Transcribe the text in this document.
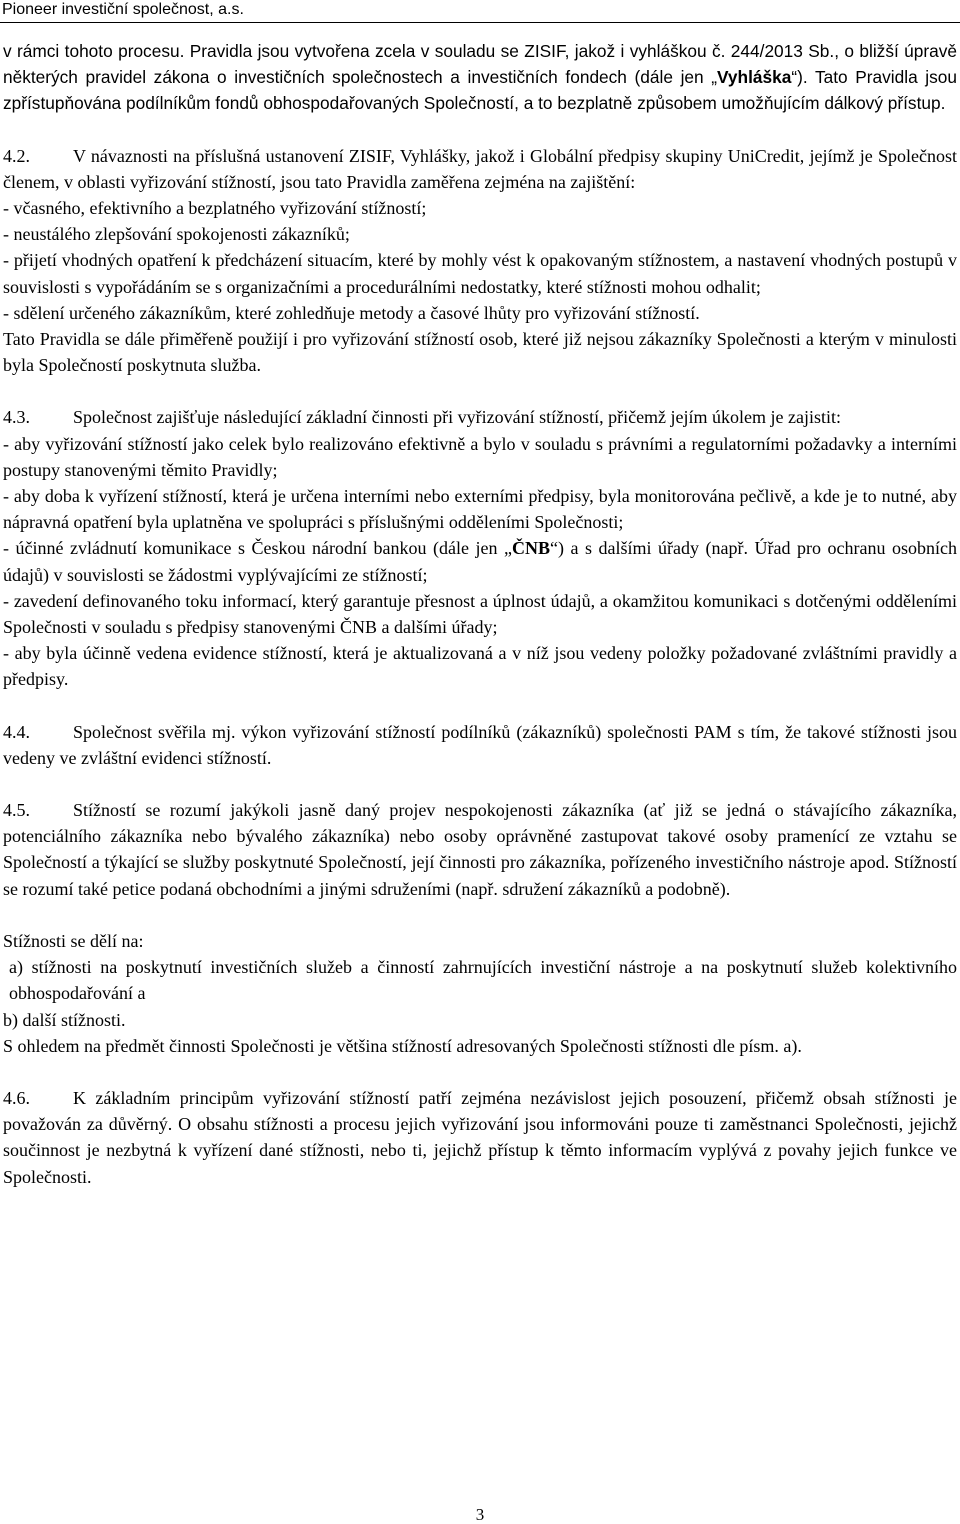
Pioneer investiční společnost, a.s.

v rámci tohoto procesu. Pravidla jsou vytvořena zcela v souladu se ZISIF, jakož i vyhláškou č. 244/2013 Sb., o bližší úpravě některých pravidel zákona o investičních společnostech a investičních fondech (dále jen „Vyhláška“). Tato Pravidla jsou zpřístupňována podílníkům fondů obhospodařovaných Společností, a to bezplatně způsobem umožňujícím dálkový přístup.

4.2. V návaznosti na příslušná ustanovení ZISIF, Vyhlášky, jakož i Globální předpisy skupiny UniCredit, jejímž je Společnost členem, v oblasti vyřizování stížností, jsou tato Pravidla zaměřena zejména na zajištění:

- včasného, efektivního a bezplatného vyřizování stížností;

- neustálého zlepšování spokojenosti zákazníků;

- přijetí vhodných opatření k předcházení situacím, které by mohly vést k opakovaným stížnostem, a nastavení vhodných postupů v souvislosti s vypořádáním se s organizačními a procedurálními nedostatky, které stížnosti mohou odhalit;

- sdělení určeného zákazníkům, které zohledňuje metody a časové lhůty pro vyřizování stížností.

Tato Pravidla se dále přiměřeně použijí i pro vyřizování stížností osob, které již nejsou zákazníky Společnosti a kterým v minulosti byla Společností poskytnuta služba.

4.3. Společnost zajišťuje následující základní činnosti při vyřizování stížností, přičemž jejím úkolem je zajistit:

- aby vyřizování stížností jako celek bylo realizováno efektivně a bylo v souladu s právními a regulatorními požadavky a interními postupy stanovenými těmito Pravidly;

- aby doba k vyřízení stížností, která je určena interními nebo externími předpisy, byla monitorována pečlivě, a kde je to nutné, aby nápravná opatření byla uplatněna ve spolupráci s příslušnými odděleními Společnosti;

- účinné zvládnutí komunikace s Českou národní bankou (dále jen „ČNB“) a s dalšími úřady (např. Úřad pro ochranu osobních údajů) v souvislosti se žádostmi vyplývajícími ze stížností;

- zavedení definovaného toku informací, který garantuje přesnost a úplnost údajů, a okamžitou komunikaci s dotčenými odděleními Společnosti v souladu s předpisy stanovenými ČNB a dalšími úřady;

- aby byla účinně vedena evidence stížností, která je aktualizovaná a v níž jsou vedeny položky požadované zvláštními pravidly a předpisy.

4.4. Společnost svěřila mj. výkon vyřizování stížností podílníků (zákazníků) společnosti PAM s tím, že takové stížnosti jsou vedeny ve zvláštní evidenci stížností.

4.5. Stížností se rozumí jakýkoli jasně daný projev nespokojenosti zákazníka (ať již se jedná o stávajícího zákazníka, potenciálního zákazníka nebo bývalého zákazníka) nebo osoby oprávněné zastupovat takové osoby pramenící ze vztahu se Společností a týkající se služby poskytnuté Společností, její činnosti pro zákazníka, pořízeného investičního nástroje apod. Stížností se rozumí také petice podaná obchodními a jinými sdruženími (např. sdružení zákazníků a podobně).

Stížnosti se dělí na:

a) stížnosti na poskytnutí investičních služeb a činností zahrnujících investiční nástroje a na poskytnutí služeb kolektivního obhospodařování a

b) další stížnosti.

S ohledem na předmět činnosti Společnosti je většina stížností adresovaných Společnosti stížnosti dle písm. a).

4.6. K základním principům vyřizování stížností patří zejména nezávislost jejich posouzení, přičemž obsah stížnosti je považován za důvěrný. O obsahu stížnosti a procesu jejich vyřizování jsou informováni pouze ti zaměstnanci Společnosti, jejichž součinnost je nezbytná k vyřízení dané stížnosti, nebo ti, jejichž přístup k těmto informacím vyplývá z povahy jejich funkce ve Společnosti.

3
